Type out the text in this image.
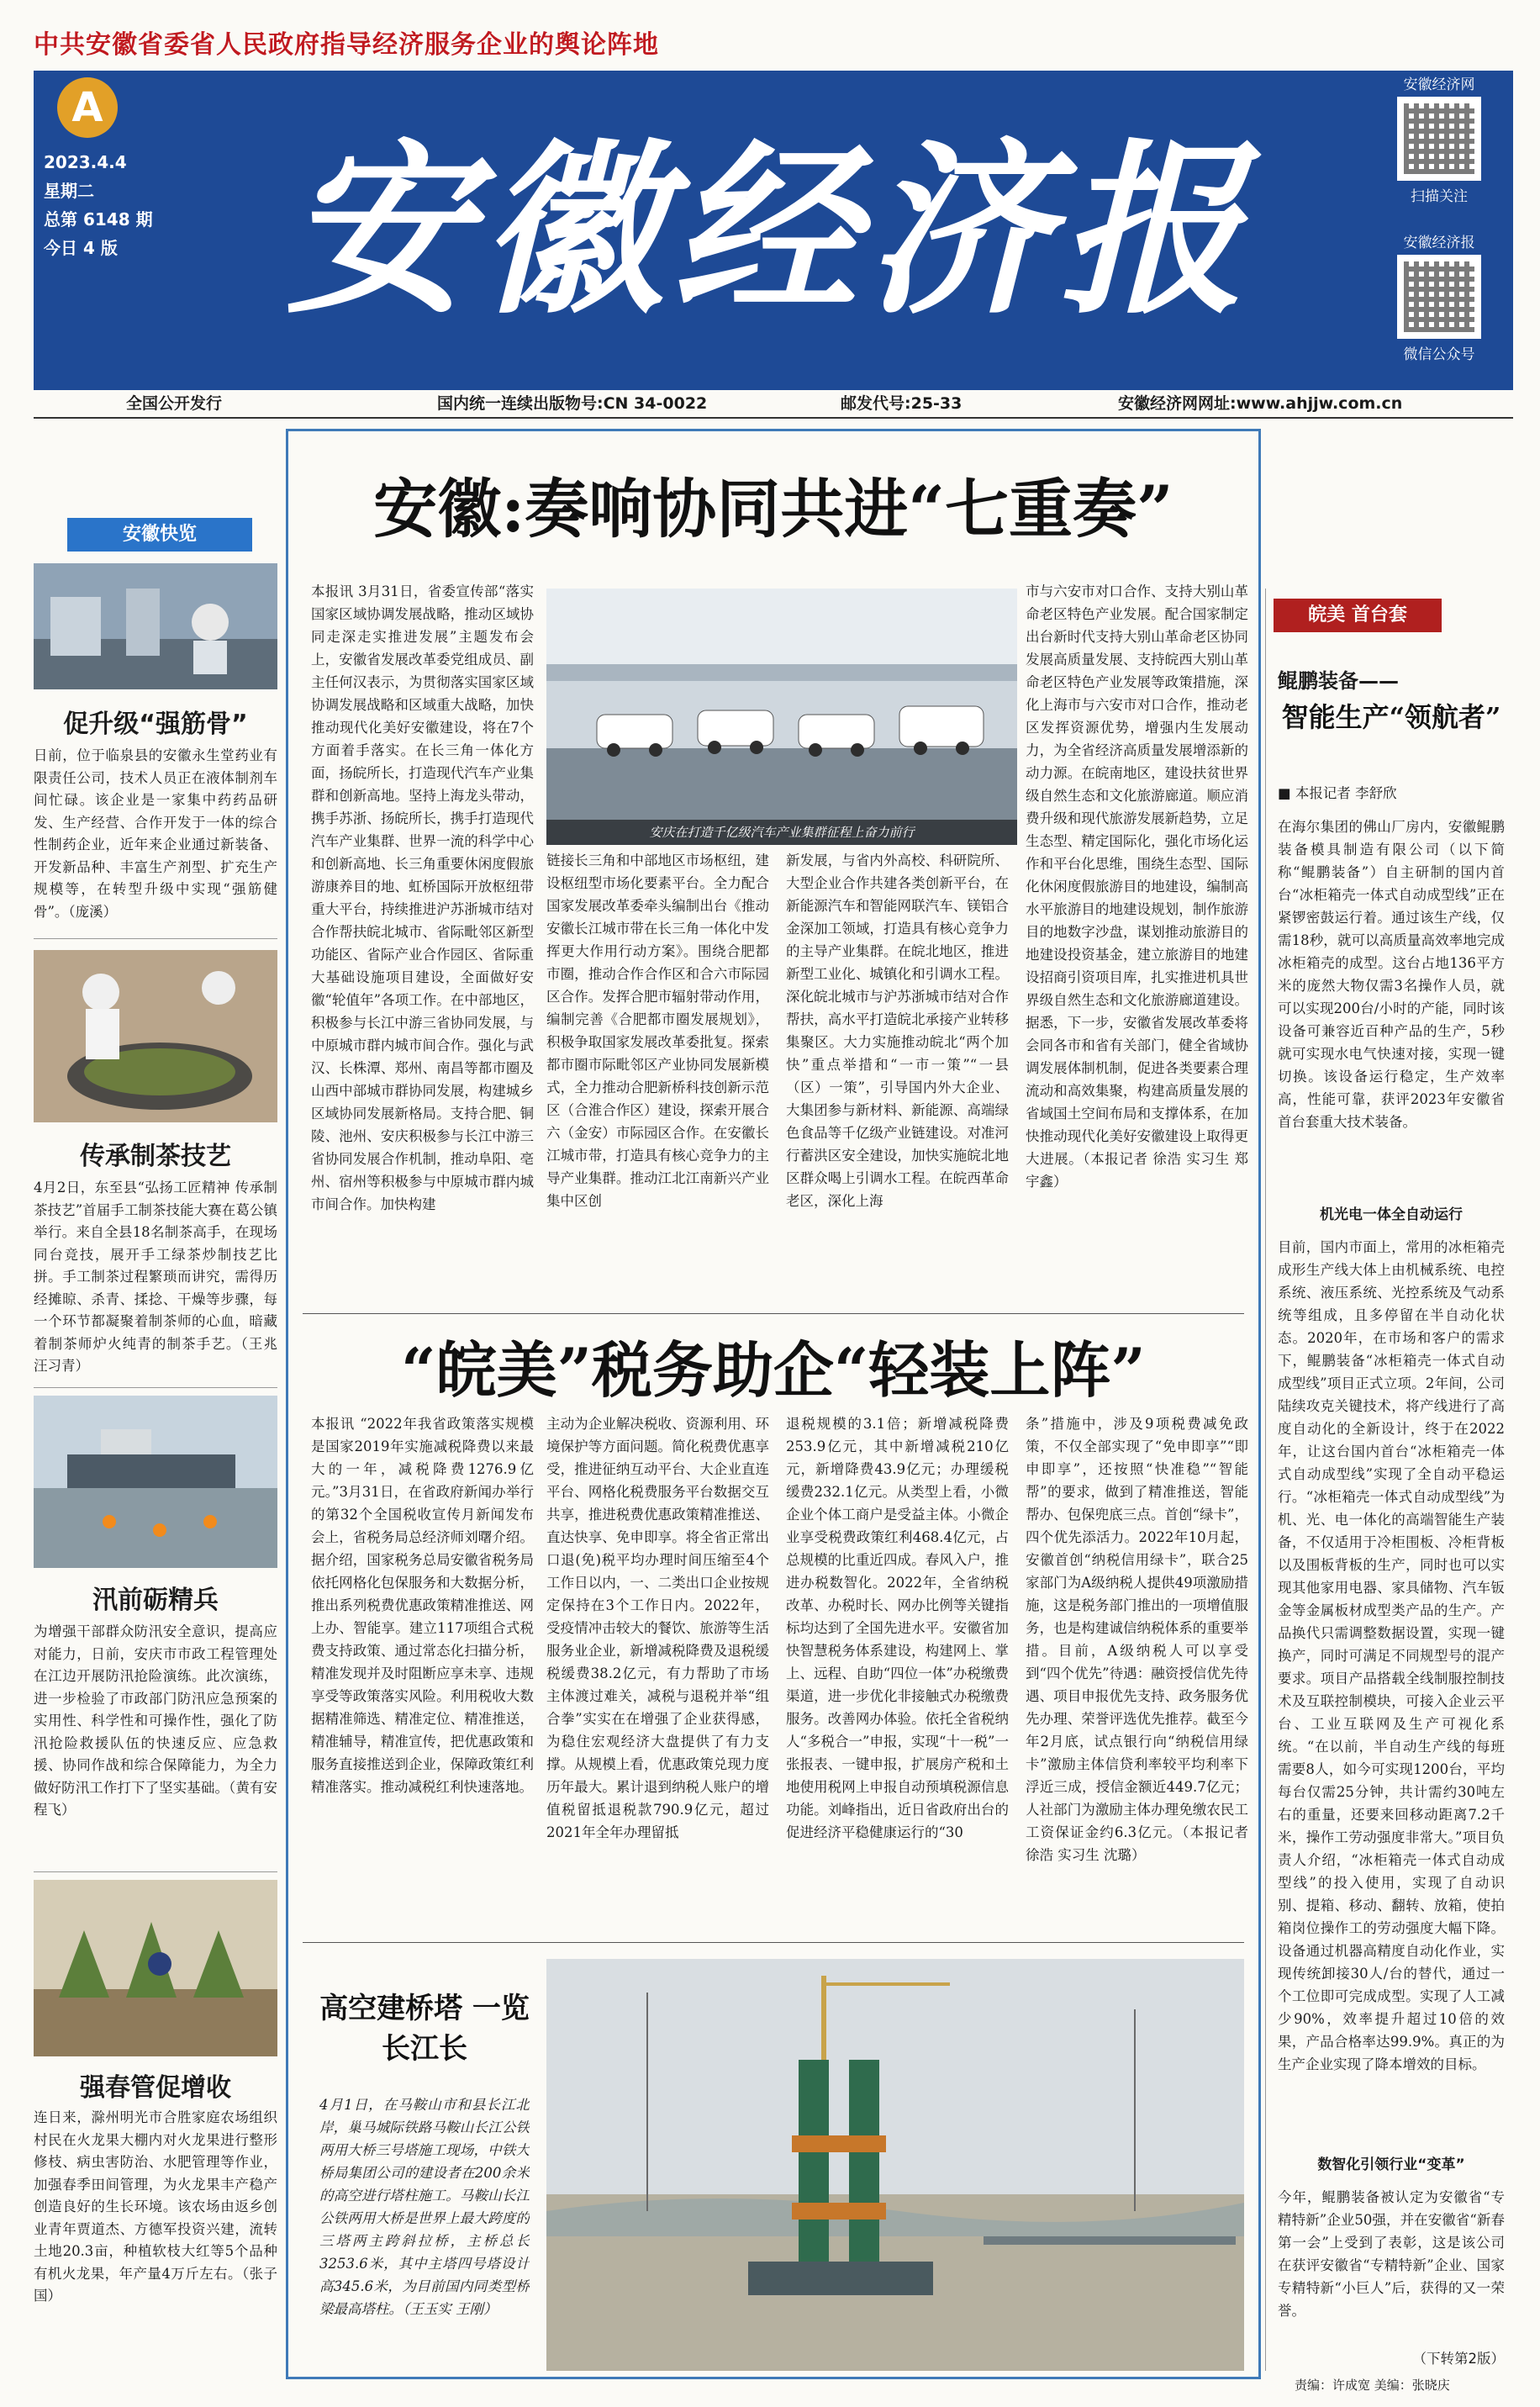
中共安徽省委省人民政府指导经济服务企业的舆论阵地
A
2023.4.4
星期二
总第 6148 期
今日 4 版 安徽经济报
安徽经济网
扫描关注
安徽经济报
微信公众号
全国公开发行	国内统一连续出版物号:CN 34-0022	邮发代号:25-33	安徽经济网网址:www.ahjjw.com.cn
安徽快览
促升级“强筋骨”
日前，位于临泉县的安徽永生堂药业有限责任公司，技术人员正在液体制剂车间忙碌。该企业是一家集中药药品研发、生产经营、合作开发于一体的综合性制药企业，近年来企业通过新装备、开发新品种、丰富生产剂型、扩充生产规模等，在转型升级中实现“强筋健骨”。（庞溪）
传承制茶技艺
4月2日，东至县“弘扬工匠精神 传承制茶技艺”首届手工制茶技能大赛在葛公镇举行。来自全县18名制茶高手，在现场同台竞技，展开手工绿茶炒制技艺比拼。手工制茶过程繁琐而讲究，需得历经摊晾、杀青、揉捻、干燥等步骤，每一个环节都凝聚着制茶师的心血，暗藏着制茶师炉火纯青的制茶手艺。（王兆 汪习青）
汛前砺精兵
为增强干部群众防汛安全意识，提高应对能力，日前，安庆市市政工程管理处在江边开展防汛抢险演练。此次演练，进一步检验了市政部门防汛应急预案的实用性、科学性和可操作性，强化了防汛抢险救援队伍的快速反应、应急救援、协同作战和综合保障能力，为全力做好防汛工作打下了坚实基础。（黄有安 程飞）
强春管促增收
连日来，滁州明光市合胜家庭农场组织村民在火龙果大棚内对火龙果进行整形修枝、病虫害防治、水肥管理等作业，加强春季田间管理，为火龙果丰产稳产创造良好的生长环境。该农场由返乡创业青年贾道杰、方德军投资兴建，流转土地20.3亩，种植软枝大红等5个品种有机火龙果，年产量4万斤左右。（张子国）
安徽:奏响协同共进“七重奏”
本报讯 3月31日，省委宣传部“落实国家区域协调发展战略，推动区域协同走深走实推进发展”主题发布会上，安徽省发展改革委党组成员、副主任何汉表示，为贯彻落实国家区域协调发展战略和区域重大战略，加快推动现代化美好安徽建设，将在7个方面着手落实。在长三角一体化方面，扬皖所长，打造现代汽车产业集群和创新高地。坚持上海龙头带动，携手苏浙、扬皖所长，携手打造现代汽车产业集群、世界一流的科学中心和创新高地、长三角重要休闲度假旅游康养目的地、虹桥国际开放枢纽带重大平台，持续推进沪苏浙城市结对合作帮扶皖北城市、省际毗邻区新型功能区、省际产业合作园区、省际重大基础设施项目建设，全面做好安徽“轮值年”各项工作。在中部地区，积极参与长江中游三省协同发展，与中原城市群内城市间合作。强化与武汉、长株潭、郑州、南昌等都市圈及山西中部城市群协同发展，构建城乡区域协同发展新格局。支持合肥、铜陵、池州、安庆积极参与长江中游三省协同发展合作机制，推动阜阳、亳州、宿州等积极参与中原城市群内城市间合作。加快构建
安庆在打造千亿级汽车产业集群征程上奋力前行
链接长三角和中部地区市场枢纽，建设枢纽型市场化要素平台。全力配合国家发展改革委牵头编制出台《推动安徽长江城市带在长三角一体化中发挥更大作用行动方案》。围绕合肥都市圈，推动合作合作区和合六市际园区合作。发挥合肥市辐射带动作用，编制完善《合肥都市圈发展规划》，积极争取国家发展改革委批复。探索都市圈市际毗邻区产业协同发展新模式，全力推动合肥新桥科技创新示范区（合淮合作区）建设，探索开展合六（金安）市际园区合作。在安徽长江城市带，打造具有核心竞争力的主导产业集群。推动江北江南新兴产业集中区创
新发展，与省内外高校、科研院所、大型企业合作共建各类创新平台，在新能源汽车和智能网联汽车、镁铝合金深加工领域，打造具有核心竞争力的主导产业集群。在皖北地区，推进新型工业化、城镇化和引调水工程。深化皖北城市与沪苏浙城市结对合作帮扶，高水平打造皖北承接产业转移集聚区。大力实施推动皖北“两个加快”重点举措和“一市一策”“一县（区）一策”，引导国内外大企业、大集团参与新材料、新能源、高端绿色食品等千亿级产业链建设。对准河行蓄洪区安全建设，加快实施皖北地区群众喝上引调水工程。在皖西革命老区，深化上海
市与六安市对口合作、支持大别山革命老区特色产业发展。配合国家制定出台新时代支持大别山革命老区协同发展高质量发展、支持皖西大别山革命老区特色产业发展等政策措施，深化上海市与六安市对口合作，推动老区发挥资源优势，增强内生发展动力，为全省经济高质量发展增添新的动力源。在皖南地区，建设扶贫世界级自然生态和文化旅游廊道。顺应消费升级和现代旅游发展新趋势，立足生态型、精定国际化，强化市场化运作和平台化思维，围绕生态型、国际化休闲度假旅游目的地建设，编制高水平旅游目的地建设规划，制作旅游目的地数字沙盘，谋划推动旅游目的地建设投资基金，建立旅游目的地建设招商引资项目库，扎实推进机具世界级自然生态和文化旅游廊道建设。据悉，下一步，安徽省发展改革委将会同各市和省有关部门，健全省域协调发展体制机制，促进各类要素合理流动和高效集聚，构建高质量发展的省域国土空间布局和支撑体系，在加快推动现代化美好安徽建设上取得更大进展。（本报记者 徐浩 实习生 郑宇鑫）
“皖美”税务助企“轻装上阵”
本报讯 “2022年我省政策落实规模是国家2019年实施减税降费以来最大的一年，减税降费1276.9亿元。”3月31日，在省政府新闻办举行的第32个全国税收宣传月新闻发布会上，省税务局总经济师刘曙介绍。据介绍，国家税务总局安徽省税务局依托网格化包保服务和大数据分析，推出系列税费优惠政策精准推送、网上办、智能享。建立117项组合式税费支持政策、通过常态化扫描分析，精准发现并及时阻断应享未享、违规享受等政策落实风险。利用税收大数据精准筛选、精准定位、精准推送，精准辅导，精准宣传，把优惠政策和服务直接推送到企业，保障政策红利精准落实。推动减税红利快速落地。
主动为企业解决税收、资源利用、环境保护等方面问题。简化税费优惠享受，推进征纳互动平台、大企业直连平台、网格化税费服务平台数据交互共享，推进税费优惠政策精准推送、直达快享、免申即享。将全省正常出口退(免)税平均办理时间压缩至4个工作日以内，一、二类出口企业按规定保持在3个工作日内。2022年，受疫情冲击较大的餐饮、旅游等生活服务业企业，新增减税降费及退税缓税缓费38.2亿元，有力帮助了市场主体渡过难关，减税与退税并举“组合拳”实实在在增强了企业获得感，为稳住宏观经济大盘提供了有力支撑。从规模上看，优惠政策兑现力度历年最大。累计退到纳税人账户的增值税留抵退税款790.9亿元，超过2021年全年办理留抵
退税规模的3.1倍；新增减税降费253.9亿元，其中新增减税210亿元，新增降费43.9亿元；办理缓税缓费232.1亿元。从类型上看，小微企业个体工商户是受益主体。小微企业享受税费政策红利468.4亿元，占总规模的比重近四成。春风入户，推进办税数智化。2022年，全省纳税改革、办税时长、网办比例等关键指标均达到了全国先进水平。安徽省加快智慧税务体系建设，构建网上、掌上、远程、自助“四位一体”办税缴费渠道，进一步优化非接触式办税缴费服务。改善网办体验。依托全省税纳人“多税合一”申报，实现“十一税”一张报表、一键申报，扩展房产税和土地使用税网上申报自动预填税源信息功能。刘峰指出，近日省政府出台的促进经济平稳健康运行的“30
条”措施中，涉及9项税费减免政策，不仅全部实现了“免申即享”“即申即享”，还按照“快准稳”“智能帮”的要求，做到了精准推送，智能帮办、包保兜底三点。首创“绿卡”，四个优先添活力。2022年10月起，安徽首创“纳税信用绿卡”，联合25家部门为A级纳税人提供49项激励措施，这是税务部门推出的一项增值服务，也是构建诚信纳税体系的重要举措。目前，A级纳税人可以享受到“四个优先”待遇：融资授信优先待遇、项目申报优先支持、政务服务优先办理、荣誉评选优先推荐。截至今年2月底，试点银行向“纳税信用绿卡”激励主体信贷利率较平均利率下浮近三成，授信金额近449.7亿元；人社部门为激励主体办理免缴农民工工资保证金约6.3亿元。（本报记者 徐浩 实习生 沈璐）
高空建桥塔 一览长江长
4月1日，在马鞍山市和县长江北岸，巢马城际铁路马鞍山长江公铁两用大桥三号塔施工现场，中铁大桥局集团公司的建设者在200余米的高空进行塔柱施工。马鞍山长江公铁两用大桥是世界上最大跨度的三塔两主跨斜拉桥，主桥总长3253.6米，其中主塔四号塔设计高345.6米，为目前国内同类型桥梁最高塔柱。（王玉实 王刚）
皖美 首台套
鲲鹏装备——
智能生产“领航者”
■ 本报记者 李舒欣
在海尔集团的佛山厂房内，安徽鲲鹏装备模具制造有限公司（以下简称“鲲鹏装备”）自主研制的国内首台“冰柜箱壳一体式自动成型线”正在紧锣密鼓运行着。通过该生产线，仅需18秒，就可以高质量高效率地完成冰柜箱壳的成型。这台占地136平方米的庞然大物仅需3名操作人员，就可以实现200台/小时的产能，同时该设备可兼容近百种产品的生产，5秒就可实现水电气快速对接，实现一键切换。该设备运行稳定，生产效率高，性能可靠，获评2023年安徽省首台套重大技术装备。
机光电一体全自动运行
目前，国内市面上，常用的冰柜箱壳成形生产线大体上由机械系统、电控系统、液压系统、光控系统及气动系统等组成，且多停留在半自动化状态。2020年，在市场和客户的需求下，鲲鹏装备“冰柜箱壳一体式自动成型线”项目正式立项。2年间，公司陆续攻克关键技术，将产线进行了高度自动化的全新设计，终于在2022年，让这台国内首台“冰柜箱壳一体式自动成型线”实现了全自动平稳运行。“冰柜箱壳一体式自动成型线”为机、光、电一体化的高端智能生产装备，不仅适用于冷柜围板、冷柜背板以及围板背板的生产，同时也可以实现其他家用电器、家具储物、汽车钣金等金属板材成型类产品的生产。产品换代只需调整数据设置，实现一键换产，同时可满足不同规型号的混产要求。项目产品搭载全线制服控制技术及互联控制模块，可接入企业云平台、工业互联网及生产可视化系统。“在以前，半自动生产线的每班需要8人，如今可实现1200台，平均每台仅需25分钟，共计需约30吨左右的重量，还要来回移动距离7.2千米，操作工劳动强度非常大。”项目负责人介绍，“冰柜箱壳一体式自动成型线”的投入使用，实现了自动识别、提箱、移动、翻转、放箱，使拍箱岗位操作工的劳动强度大幅下降。设备通过机器高精度自动化作业，实现传统卸接30人/台的替代，通过一个工位即可完成成型。实现了人工减少90%，效率提升超过10倍的效果，产品合格率达99.9%。真正的为生产企业实现了降本增效的目标。
数智化引领行业“变革”
今年，鲲鹏装备被认定为安徽省“专精特新”企业50强，并在安徽省“新春第一会”上受到了表彰，这是该公司在获评安徽省“专精特新”企业、国家专精特新“小巨人”后，获得的又一荣誉。
（下转第2版）
责编：许成宽 美编：张晓庆
